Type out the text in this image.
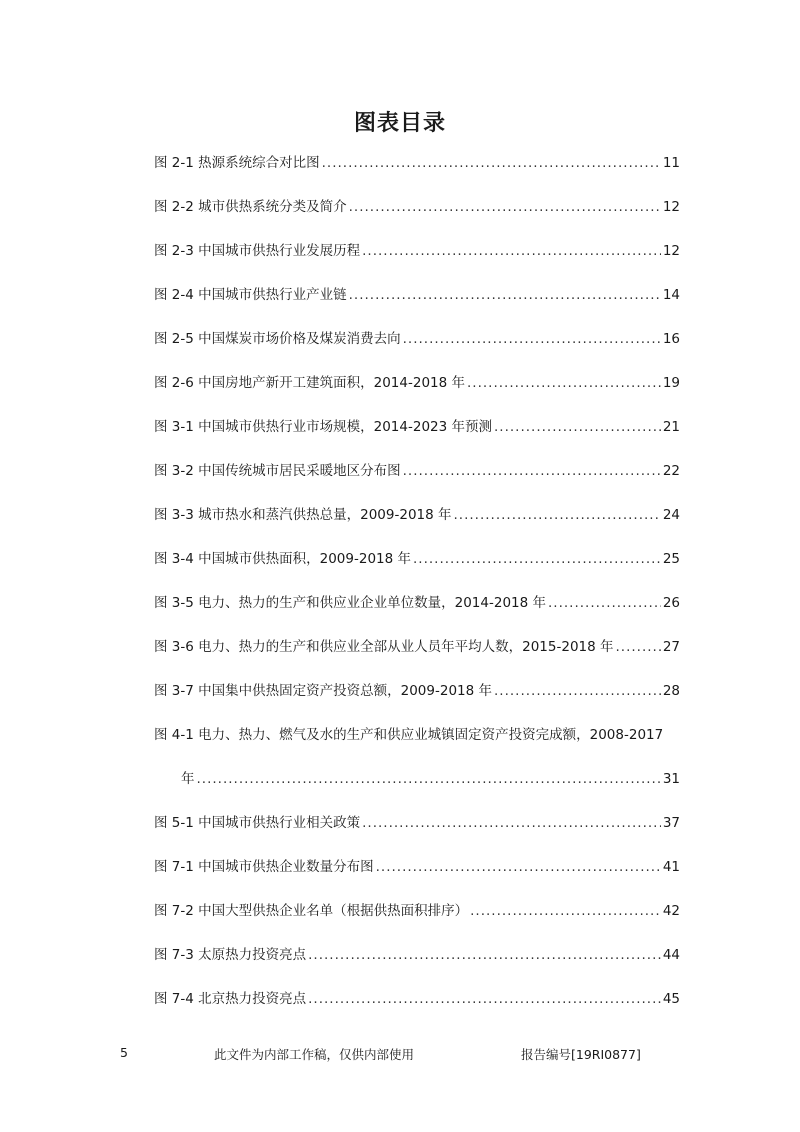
图表目录
图 2-1 热源系统综合对比图 .....	11
图 2-2 城市供热系统分类及简介 .....	12
图 2-3 中国城市供热行业发展历程 .....	12
图 2-4 中国城市供热行业产业链 .....	14
图 2-5 中国煤炭市场价格及煤炭消费去向 .....	16
图 2-6 中国房地产新开工建筑面积，2014-2018 年 .....	19
图 3-1 中国城市供热行业市场规模，2014-2023 年预测 .....	21
图 3-2 中国传统城市居民采暖地区分布图 .....	22
图 3-3 城市热水和蒸汽供热总量，2009-2018 年 .....	24
图 3-4 中国城市供热面积，2009-2018 年 .....	25
图 3-5 电力、热力的生产和供应业企业单位数量，2014-2018 年 .....	26
图 3-6 电力、热力的生产和供应业全部从业人员年平均人数，2015-2018 年 .....	27
图 3-7 中国集中供热固定资产投资总额，2009-2018 年 .....	28
图 4-1 电力、热力、燃气及水的生产和供应业城镇固定资产投资完成额，2008-2017
年 .....	31
图 5-1 中国城市供热行业相关政策 .....	37
图 7-1 中国城市供热企业数量分布图 .....	41
图 7-2 中国大型供热企业名单（根据供热面积排序） .....	42
图 7-3 太原热力投资亮点 .....	44
图 7-4 北京热力投资亮点 .....	45
5	此文件为内部工作稿，仅供内部使用	报告编号[19RI0877]
